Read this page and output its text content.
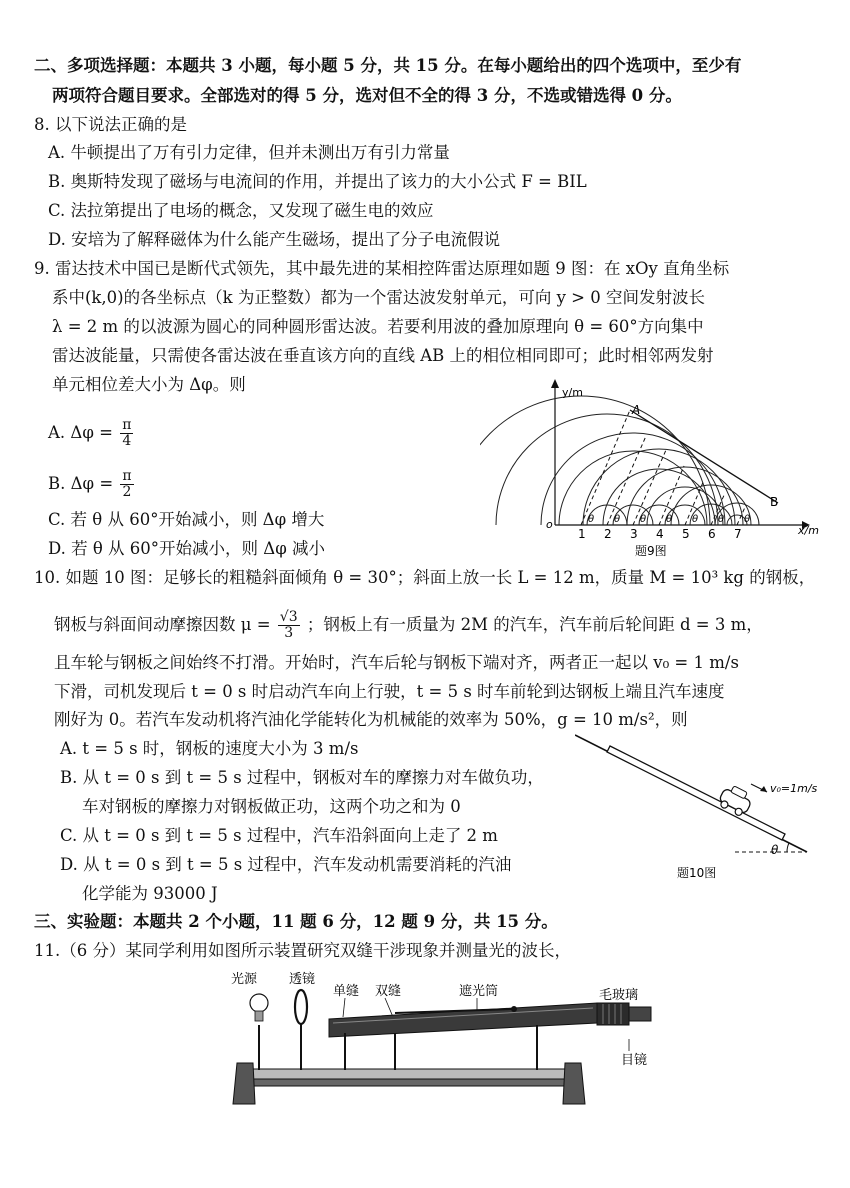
二、多项选择题：本题共 3 小题，每小题 5 分，共 15 分。在每小题给出的四个选项中，至少有
两项符合题目要求。全部选对的得 5 分，选对但不全的得 3 分，不选或错选得 0 分。
8. 以下说法正确的是
A. 牛顿提出了万有引力定律，但并未测出万有引力常量
B. 奥斯特发现了磁场与电流间的作用，并提出了该力的大小公式 F = BIL
C. 法拉第提出了电场的概念，又发现了磁生电的效应
D. 安培为了解释磁体为什么能产生磁场，提出了分子电流假说
9. 雷达技术中国已是断代式领先，其中最先进的某相控阵雷达原理如题 9 图：在 xOy 直角坐标
系中(k,0)的各坐标点（k 为正整数）都为一个雷达波发射单元，可向 y > 0 空间发射波长
λ = 2 m 的以波源为圆心的同种圆形雷达波。若要利用波的叠加原理向 θ = 60°方向集中
雷达波能量，只需使各雷达波在垂直该方向的直线 AB 上的相位相同即可；此时相邻两发射
单元相位差大小为 Δφ。则
A. $\Delta\varphi = \frac{\pi}{4}$
B. $\Delta\varphi = \frac{\pi}{2}$
C. 若 θ 从 60°开始减小，则 Δφ 增大
D. 若 θ 从 60°开始减小，则 Δφ 减小
y/m
x/m
o
A
B
1 2 3 4 5 6 7
θ θ θ θ θ θ θ
题9图
10. 如题 10 图：足够长的粗糙斜面倾角 θ = 30°；斜面上放一长 L = 12 m，质量 M = 10³ kg 的钢板，
钢板与斜面间动摩擦因数 $\mu = \frac{√3}{3}$ ；钢板上有一质量为 2M 的汽车，汽车前后轮间距 d = 3 m，
且车轮与钢板之间始终不打滑。开始时，汽车后轮与钢板下端对齐，两者正一起以 v₀ = 1 m/s
下滑，司机发现后 t = 0 s 时启动汽车向上行驶，t = 5 s 时车前轮到达钢板上端且汽车速度
刚好为 0。若汽车发动机将汽油化学能转化为机械能的效率为 50%，g = 10 m/s²，则
A. t = 5 s 时，钢板的速度大小为 3 m/s
B. 从 t = 0 s 到 t = 5 s 过程中，钢板对车的摩擦力对车做负功，
车对钢板的摩擦力对钢板做正功，这两个功之和为 0
C. 从 t = 0 s 到 t = 5 s 过程中，汽车沿斜面向上走了 2 m
D. 从 t = 0 s 到 t = 5 s 过程中，汽车发动机需要消耗的汽油
化学能为 93000 J
v₀=1m/s
θ
题10图
三、实验题：本题共 2 个小题，11 题 6 分，12 题 9 分，共 15 分。
11.（6 分）某同学利用如图所示装置研究双缝干涉现象并测量光的波长，
光源 透镜
单缝 双缝	遮光筒	毛玻璃
目镜
